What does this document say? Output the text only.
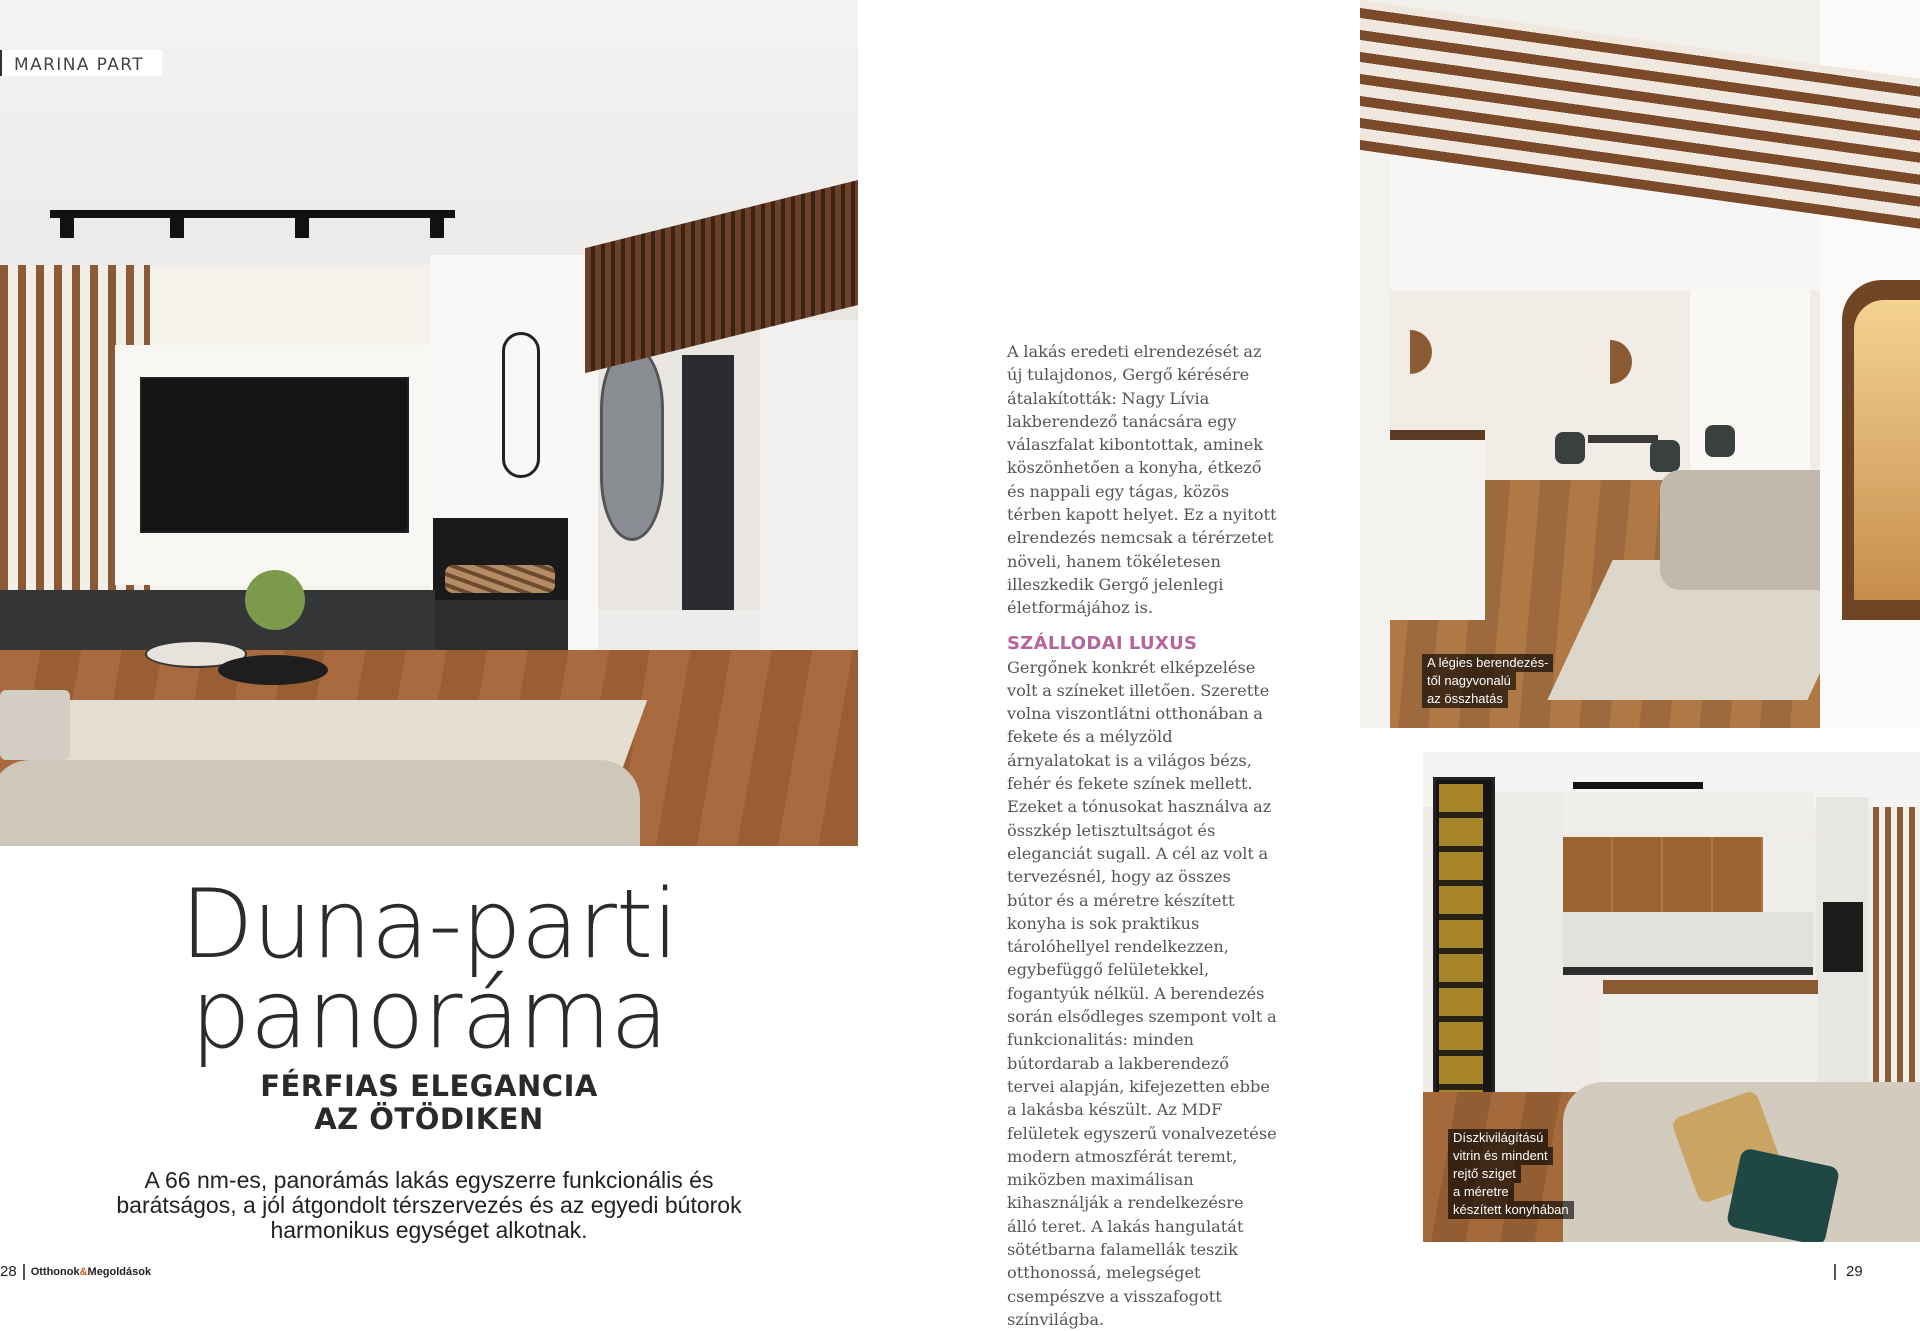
MARINA PART
A légies berendezés-
től nagyvonalú
az összhatás
Díszkivilágítású
vitrin és mindent
rejtő sziget
a méretre
készített konyhában
Duna-parti
panoráma
FÉRFIAS ELEGANCIA
AZ ÖTÖDIKEN
A 66 nm-es, panorámás lakás egyszerre funkcionális és barátságos, a jól átgondolt térszervezés és az egyedi bútorok harmonikus egységet alkotnak.

A lakás eredeti elrendezését az új tulajdonos, Gergő kérésére átalakították: Nagy Lívia lakberendező tanácsára egy válaszfalat kibontottak, aminek köszönhetően a konyha, étkező és nappali egy tágas, közös térben kapott helyet. Ez a nyitott elrendezés nemcsak a térérzetet növeli, hanem tökéletesen illeszkedik Gergő jelenlegi életformájához is.

SZÁLLODAI LUXUS

Gergőnek konkrét elképzelése volt a színeket illetően. Szerette volna viszontlátni otthonában a fekete és a mélyzöld árnyalatokat is a világos bézs, fehér és fekete színek mellett. Ezeket a tónusokat használva az összkép letisztultságot és eleganciát sugall. A cél az volt a tervezésnél, hogy az összes bútor és a méretre készített konyha is sok praktikus tárolóhellyel rendelkezzen, egybefüggő felületekkel, fogantyúk nélkül. A berendezés során elsődleges szempont volt a funkcionalitás: minden bútordarab a lakberendező tervei alapján, kifejezetten ebbe a lakásba készült. Az MDF felületek egyszerű vonalvezetése modern atmoszférát teremt, miközben maximálisan kihasználják a rendelkezésre álló teret. A lakás hangulatát sötétbarna falamellák teszik otthonossá, melegséget csempészve a visszafogott színvilágba.

28 Otthonok&Megoldások	29
